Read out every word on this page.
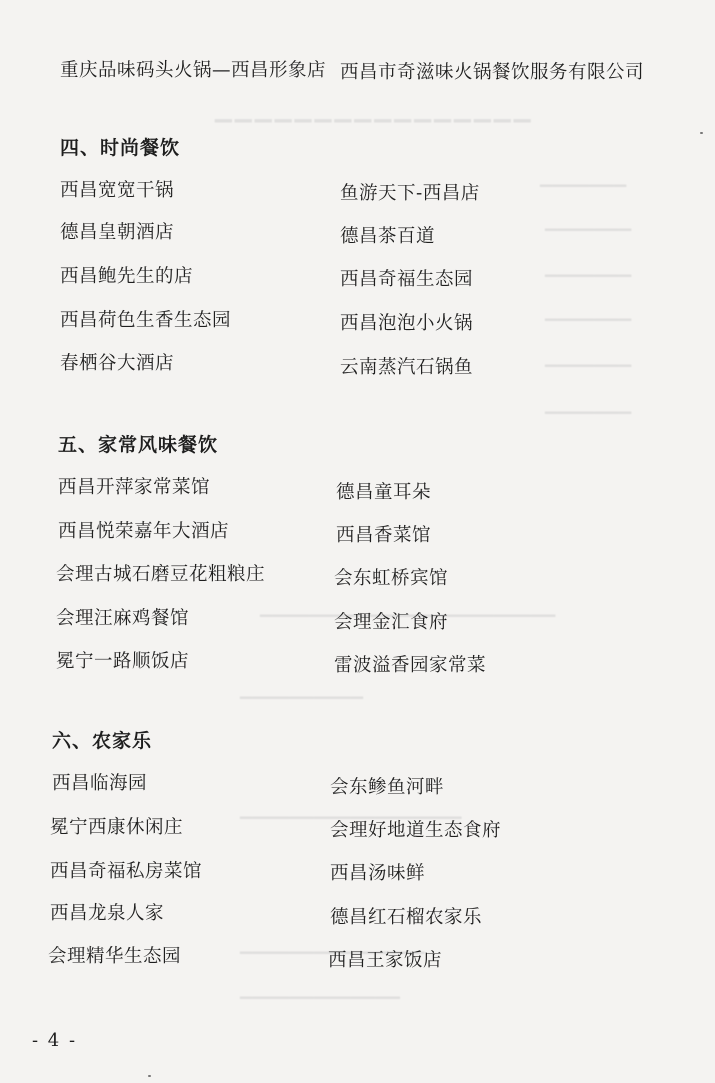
▁▁▁▁▁▁▁▁▁▁▁▁▁▁▁▁
▁▁▁▁▁▁▁
▁▁▁▁▁▁▁
▁▁▁▁▁▁▁
▁▁▁▁▁▁▁
▁▁▁▁▁▁▁
▁▁▁▁▁▁▁
▁▁▁▁▁▁▁▁▁▁▁▁▁▁▁▁▁▁▁▁▁▁▁▁
▁▁▁▁▁▁▁▁▁▁
▁▁▁▁▁▁▁▁▁▁▁▁▁▁▁▁▁▁
▁▁▁▁▁▁▁▁▁▁▁▁▁▁▁
▁▁▁▁▁▁▁▁▁▁▁▁▁
重庆品味码头火锅—西昌形象店 西昌市奇滋味火锅餐饮服务有限公司
四、时尚餐饮
西昌宽宽干锅
德昌皇朝酒店
西昌鲍先生的店
西昌荷色生香生态园
春栖谷大酒店
鱼游天下-西昌店
德昌茶百道
西昌奇福生态园
西昌泡泡小火锅
云南蒸汽石锅鱼
五、家常风味餐饮
西昌开萍家常菜馆
西昌悦荣嘉年大酒店
会理古城石磨豆花粗粮庄
会理汪麻鸡餐馆
冕宁一路顺饭店
德昌童耳朵
西昌香菜馆
会东虹桥宾馆
会理金汇食府
雷波溢香园家常菜
六、农家乐
西昌临海园
冕宁西康休闲庄
西昌奇福私房菜馆
西昌龙泉人家
会理精华生态园
会东鲹鱼河畔
会理好地道生态食府
西昌汤味鲜
德昌红石榴农家乐
西昌王家饭店
- 4 -
